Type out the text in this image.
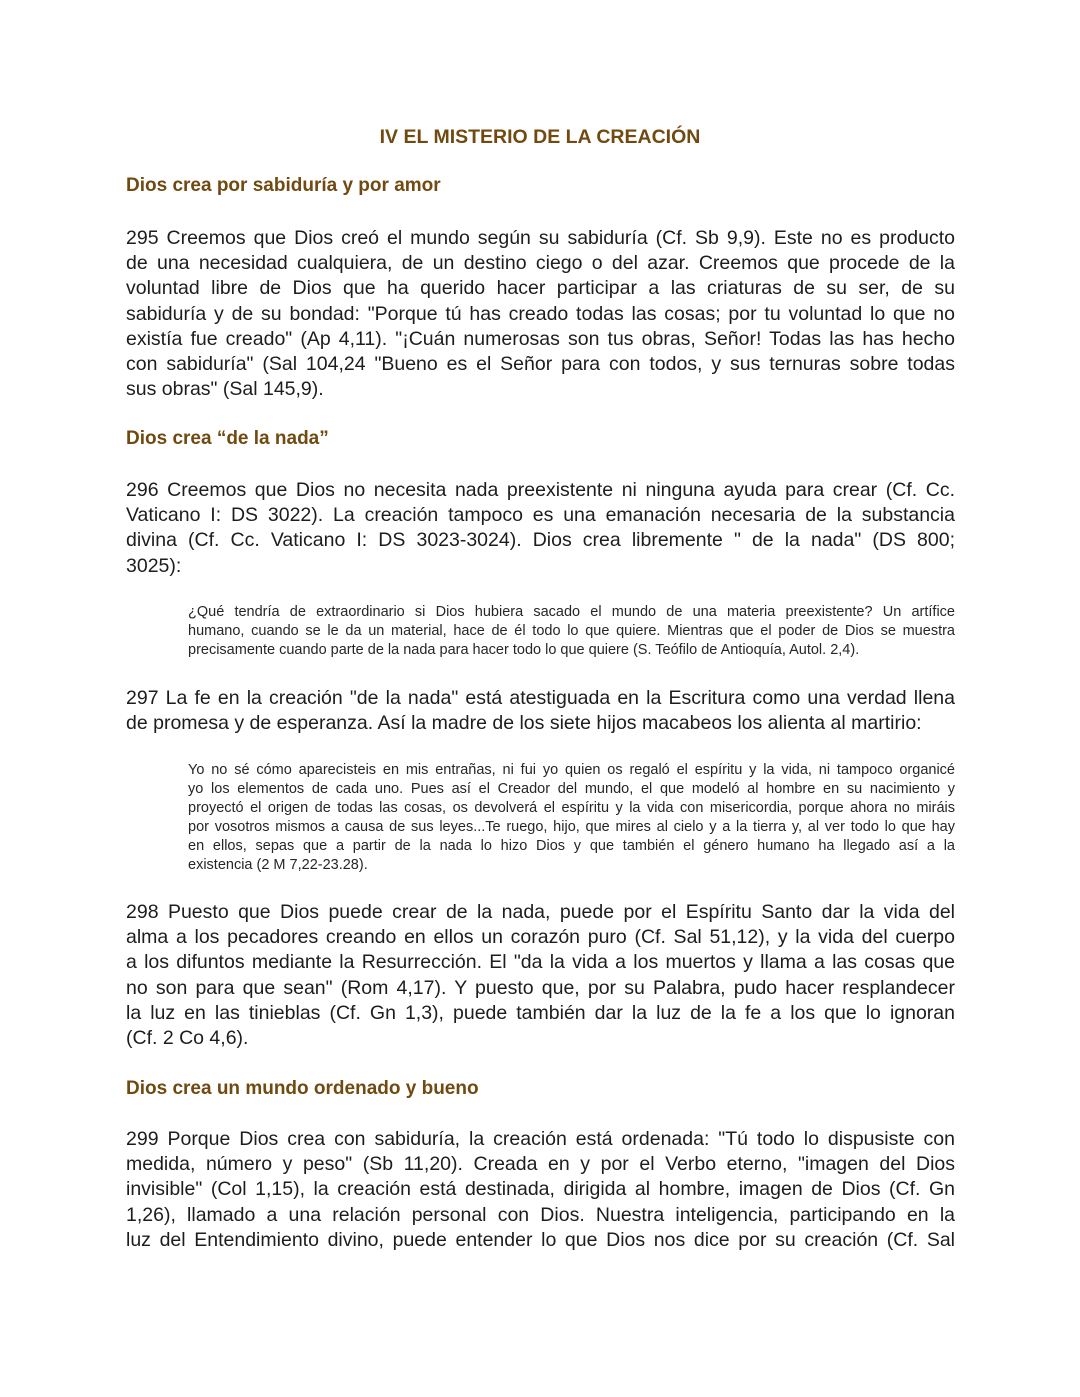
IV EL MISTERIO DE LA CREACIÓN
Dios crea por sabiduría y por amor
295 Creemos que Dios creó el mundo según su sabiduría (Cf. Sb 9,9). Este no es producto
de una necesidad cualquiera, de un destino ciego o del azar. Creemos que procede de la
voluntad libre de Dios que ha querido hacer participar a las criaturas de su ser, de su
sabiduría y de su bondad: "Porque tú has creado todas las cosas; por tu voluntad lo que no
existía fue creado" (Ap 4,11). "¡Cuán numerosas son tus obras, Señor! Todas las has hecho
con sabiduría" (Sal 104,24 "Bueno es el Señor para con todos, y sus ternuras sobre todas
sus obras" (Sal 145,9).
Dios crea “de la nada”
296 Creemos que Dios no necesita nada preexistente ni ninguna ayuda para crear (Cf. Cc.
Vaticano I: DS 3022). La creación tampoco es una emanación necesaria de la substancia
divina (Cf. Cc. Vaticano I: DS 3023-3024). Dios crea libremente " de la nada" (DS 800;
3025):
¿Qué tendría de extraordinario si Dios hubiera sacado el mundo de una materia preexistente? Un artífice
humano, cuando se le da un material, hace de él todo lo que quiere. Mientras que el poder de Dios se muestra
precisamente cuando parte de la nada para hacer todo lo que quiere (S. Teófilo de Antioquía, Autol. 2,4).
297 La fe en la creación "de la nada" está atestiguada en la Escritura como una verdad llena
de promesa y de esperanza. Así la madre de los siete hijos macabeos los alienta al martirio:
Yo no sé cómo aparecisteis en mis entrañas, ni fui yo quien os regaló el espíritu y la vida, ni tampoco organicé
yo los elementos de cada uno. Pues así el Creador del mundo, el que modeló al hombre en su nacimiento y
proyectó el origen de todas las cosas, os devolverá el espíritu y la vida con misericordia, porque ahora no miráis
por vosotros mismos a causa de sus leyes...Te ruego, hijo, que mires al cielo y a la tierra y, al ver todo lo que hay
en ellos, sepas que a partir de la nada lo hizo Dios y que también el género humano ha llegado así a la
existencia (2 M 7,22-23.28).
298 Puesto que Dios puede crear de la nada, puede por el Espíritu Santo dar la vida del
alma a los pecadores creando en ellos un corazón puro (Cf. Sal 51,12), y la vida del cuerpo
a los difuntos mediante la Resurrección. El "da la vida a los muertos y llama a las cosas que
no son para que sean" (Rom 4,17). Y puesto que, por su Palabra, pudo hacer resplandecer
la luz en las tinieblas (Cf. Gn 1,3), puede también dar la luz de la fe a los que lo ignoran
(Cf. 2 Co 4,6).
Dios crea un mundo ordenado y bueno
299 Porque Dios crea con sabiduría, la creación está ordenada: "Tú todo lo dispusiste con
medida, número y peso" (Sb 11,20). Creada en y por el Verbo eterno, "imagen del Dios
invisible" (Col 1,15), la creación está destinada, dirigida al hombre, imagen de Dios (Cf. Gn
1,26), llamado a una relación personal con Dios. Nuestra inteligencia, participando en la
luz del Entendimiento divino, puede entender lo que Dios nos dice por su creación (Cf. Sal
